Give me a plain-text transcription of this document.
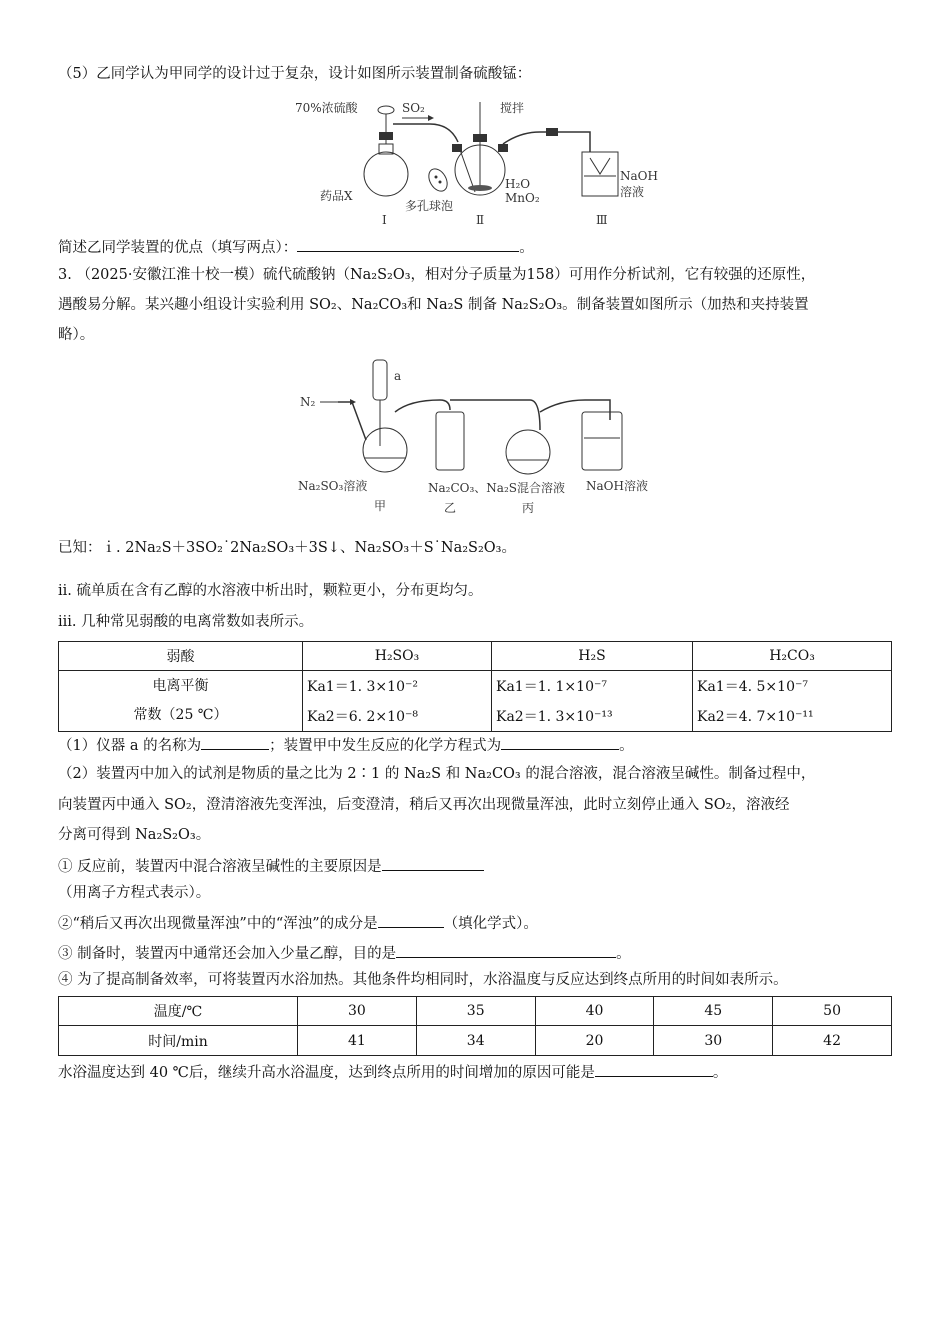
（5）乙同学认为甲同学的设计过于复杂，设计如图所示装置制备硫酸锰：
70%浓硫酸	SO₂	搅拌
NaOH
溶液
H₂O
MnO₂
药品X
多孔球泡
Ⅰ	Ⅱ	Ⅲ
简述乙同学装置的优点（填写两点）：	。
3. （2025·安徽江淮十校一模）硫代硫酸钠（Na₂S₂O₃，相对分子质量为158）可用作分析试剂，它有较强的还原性，
遇酸易分解。某兴趣小组设计实验利用 SO₂、Na₂CO₃和 Na₂S 制备 Na₂S₂O₃。制备装置如图所示（加热和夹持装置
略）。
N₂
a
Na₂SO₃溶液	Na₂CO₃、Na₂S混合溶液 NaOH溶液
甲	乙	丙
已知：ｉ. 2Na₂S＋3SO₂˙2Na₂SO₃＋3S↓、Na₂SO₃＋S˙Na₂S₂O₃。
ii. 硫单质在含有乙醇的水溶液中析出时，颗粒更小，分布更均匀。
iii. 几种常见弱酸的电离常数如表所示。
弱酸	H₂SO₃	H₂S	H₂CO₃

电离平衡
常数（25 ℃）	Ka1＝1. 3×10⁻²	Ka1＝1. 1×10⁻⁷	Ka1＝4. 5×10⁻⁷
	Ka2＝6. 2×10⁻⁸	Ka2＝1. 3×10⁻¹³	Ka2＝4. 7×10⁻¹¹
（1）仪器 a 的名称为	；装置甲中发生反应的化学方程式为	。
（2）装置丙中加入的试剂是物质的量之比为 2∶1 的 Na₂S 和 Na₂CO₃ 的混合溶液，混合溶液呈碱性。制备过程中，
向装置丙中通入 SO₂，澄清溶液先变浑浊，后变澄清，稍后又再次出现微量浑浊，此时立刻停止通入 SO₂，溶液经
分离可得到 Na₂S₂O₃。
① 反应前，装置丙中混合溶液呈碱性的主要原因是
（用离子方程式表示）。
②“稍后又再次出现微量浑浊”中的“浑浊”的成分是	（填化学式）。
③ 制备时，装置丙中通常还会加入少量乙醇，目的是	。
④ 为了提高制备效率，可将装置丙水浴加热。其他条件均相同时，水浴温度与反应达到终点所用的时间如表所示。
温度/℃	30	35	40	45	50
时间/min	41	34	20	30	42
水浴温度达到 40 ℃后，继续升高水浴温度，达到终点所用的时间增加的原因可能是	。
